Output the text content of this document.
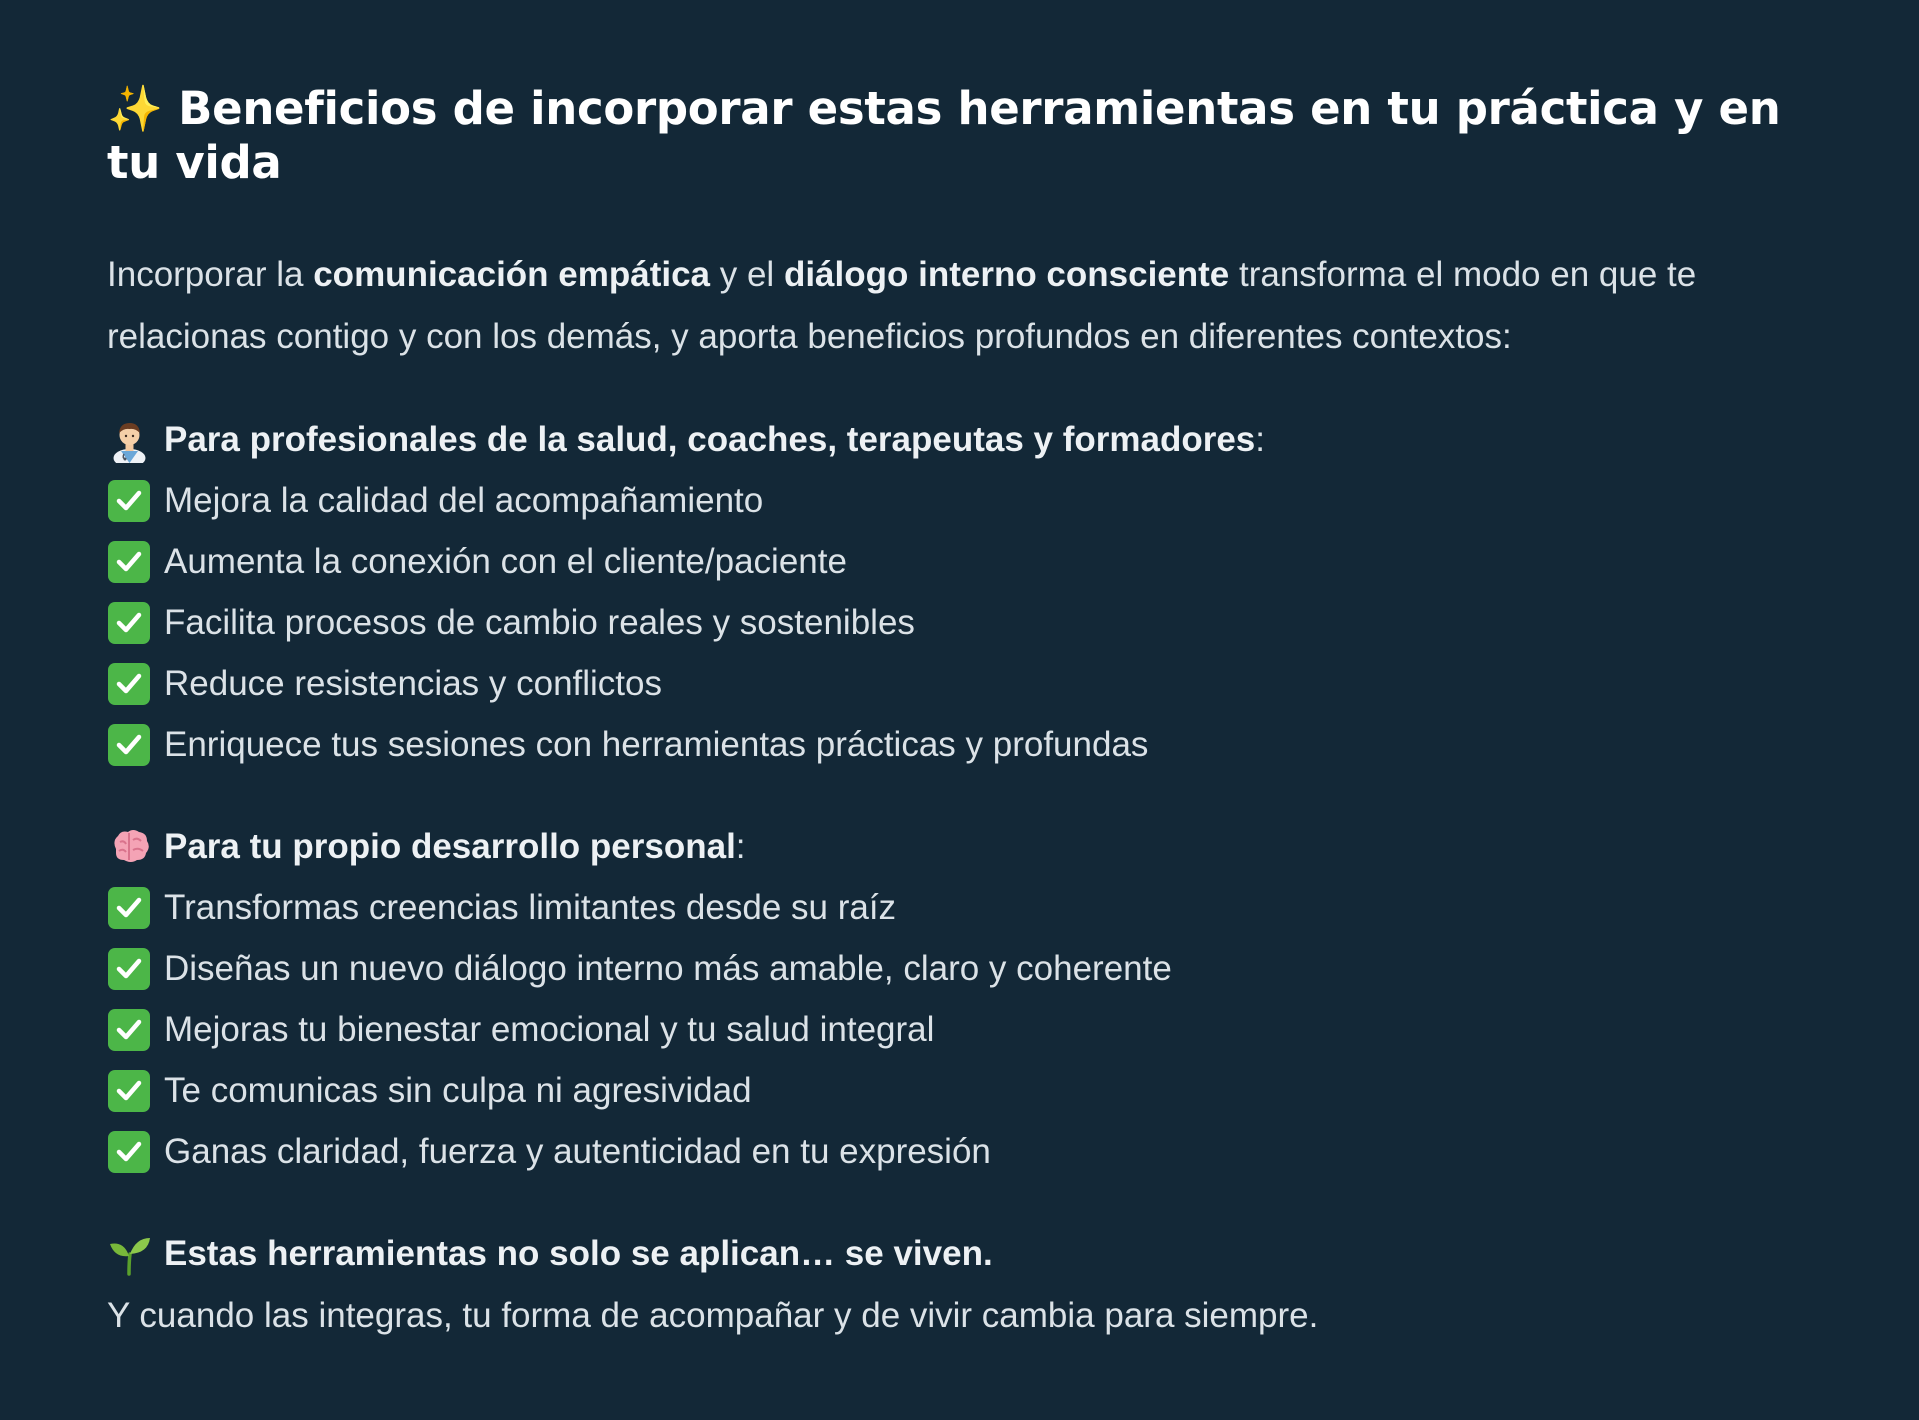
✨ Beneficios de incorporar estas herramientas en tu práctica y en tu vida

Incorporar la comunicación empática y el diálogo interno consciente transforma el modo en que te relacionas contigo y con los demás, y aporta beneficios profundos en diferentes contextos:

Para profesionales de la salud, coaches, terapeutas y formadores:
Mejora la calidad del acompañamiento
Aumenta la conexión con el cliente/paciente
Facilita procesos de cambio reales y sostenibles
Reduce resistencias y conflictos
Enriquece tus sesiones con herramientas prácticas y profundas
Para tu propio desarrollo personal:
Transformas creencias limitantes desde su raíz
Diseñas un nuevo diálogo interno más amable, claro y coherente
Mejoras tu bienestar emocional y tu salud integral
Te comunicas sin culpa ni agresividad
Ganas claridad, fuerza y autenticidad en tu expresión
Estas herramientas no solo se aplican… se viven.

Y cuando las integras, tu forma de acompañar y de vivir cambia para siempre.
